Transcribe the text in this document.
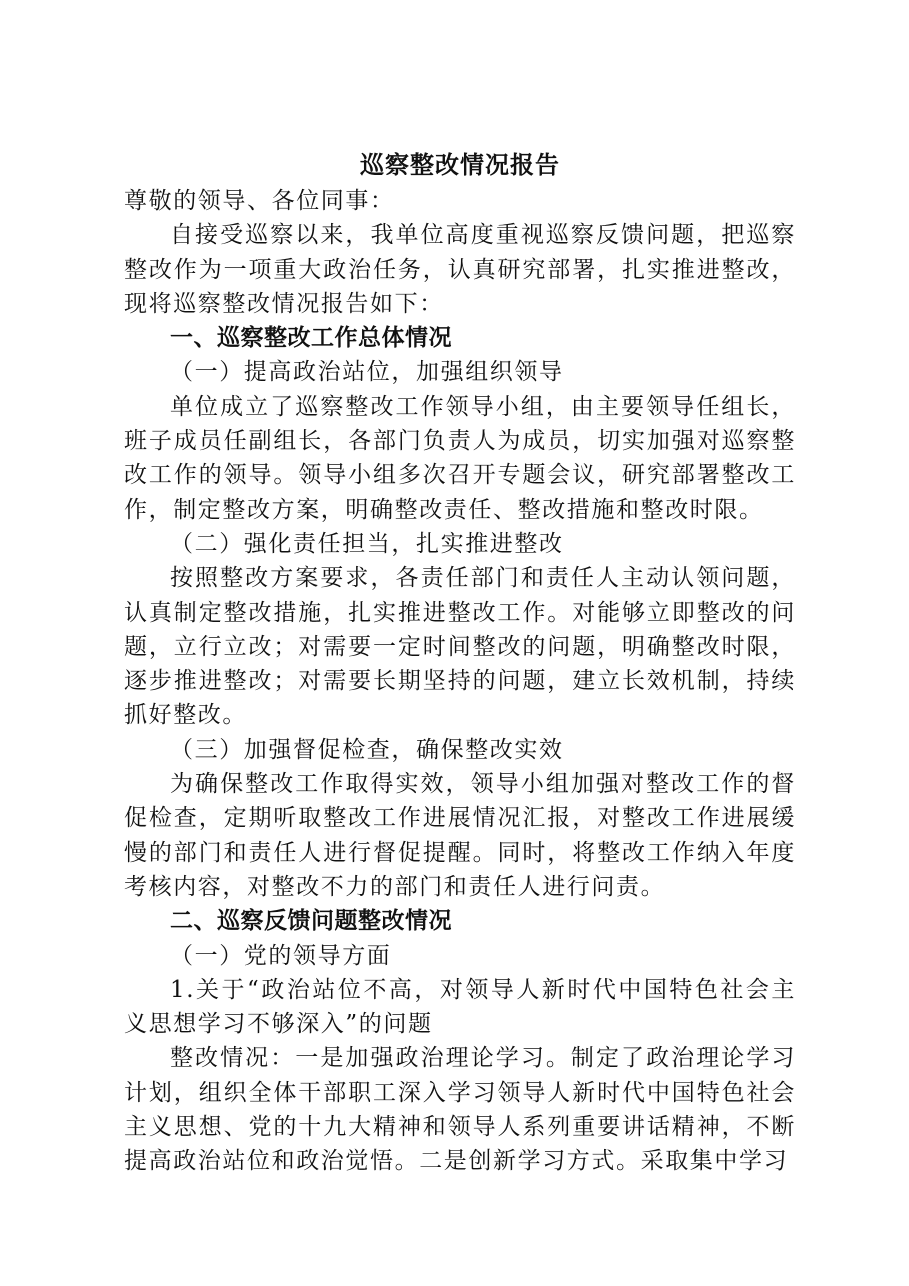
巡察整改情况报告

尊敬的领导、各位同事：

自接受巡察以来，我单位高度重视巡察反馈问题，把巡察整改作为一项重大政治任务，认真研究部署，扎实推进整改，现将巡察整改情况报告如下：

一、巡察整改工作总体情况

（一）提高政治站位，加强组织领导

单位成立了巡察整改工作领导小组，由主要领导任组长，班子成员任副组长，各部门负责人为成员，切实加强对巡察整改工作的领导。领导小组多次召开专题会议，研究部署整改工作，制定整改方案，明确整改责任、整改措施和整改时限。

（二）强化责任担当，扎实推进整改

按照整改方案要求，各责任部门和责任人主动认领问题，认真制定整改措施，扎实推进整改工作。对能够立即整改的问题，立行立改；对需要一定时间整改的问题，明确整改时限，逐步推进整改；对需要长期坚持的问题，建立长效机制，持续抓好整改。

（三）加强督促检查，确保整改实效

为确保整改工作取得实效，领导小组加强对整改工作的督促检查，定期听取整改工作进展情况汇报，对整改工作进展缓慢的部门和责任人进行督促提醒。同时，将整改工作纳入年度考核内容，对整改不力的部门和责任人进行问责。

二、巡察反馈问题整改情况

（一）党的领导方面

1.关于“政治站位不高，对领导人新时代中国特色社会主义思想学习不够深入”的问题

整改情况：一是加强政治理论学习。制定了政治理论学习计划，组织全体干部职工深入学习领导人新时代中国特色社会主义思想、党的十九大精神和领导人系列重要讲话精神，不断提高政治站位和政治觉悟。二是创新学习方式。采取集中学习
